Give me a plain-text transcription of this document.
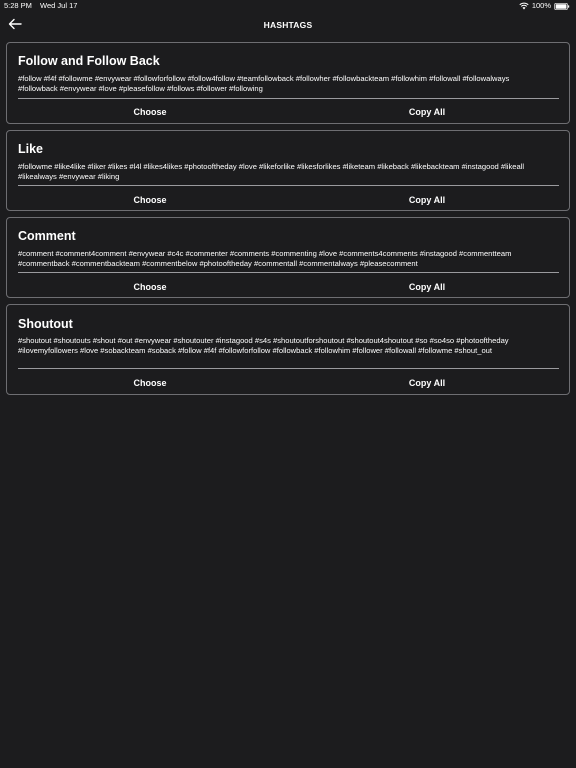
5:28 PM Wed Jul 17	100%
HASHTAGS
Follow and Follow Back
#follow #f4f #followme #envywear #followforfollow #follow4follow #teamfollowback #followher #followbackteam #followhim #followall #followalways #followback #envywear #love #pleasefollow #follows #follower #following
Choose	Copy All
Like
#followme #like4like #liker #likes #l4l #likes4likes #photooftheday #love #likeforlike #likesforlikes #liketeam #likeback #likebackteam #instagood #likeall #likealways #envywear #liking
Choose	Copy All
Comment
#comment #comment4comment #envywear #c4c #commenter #comments #commenting #love #comments4comments #instagood #commentteam #commentback #commentbackteam #commentbelow #photooftheday #commentall #commentalways #pleasecomment
Choose	Copy All
Shoutout
#shoutout #shoutouts #shout #out #envywear #shoutouter #instagood #s4s #shoutoutforshoutout #shoutout4shoutout #so #so4so #photooftheday #ilovemyfollowers #love #sobackteam #soback #follow #f4f #followforfollow #followback #followhim #follower #followall #followme #shout_out
Choose	Copy All
